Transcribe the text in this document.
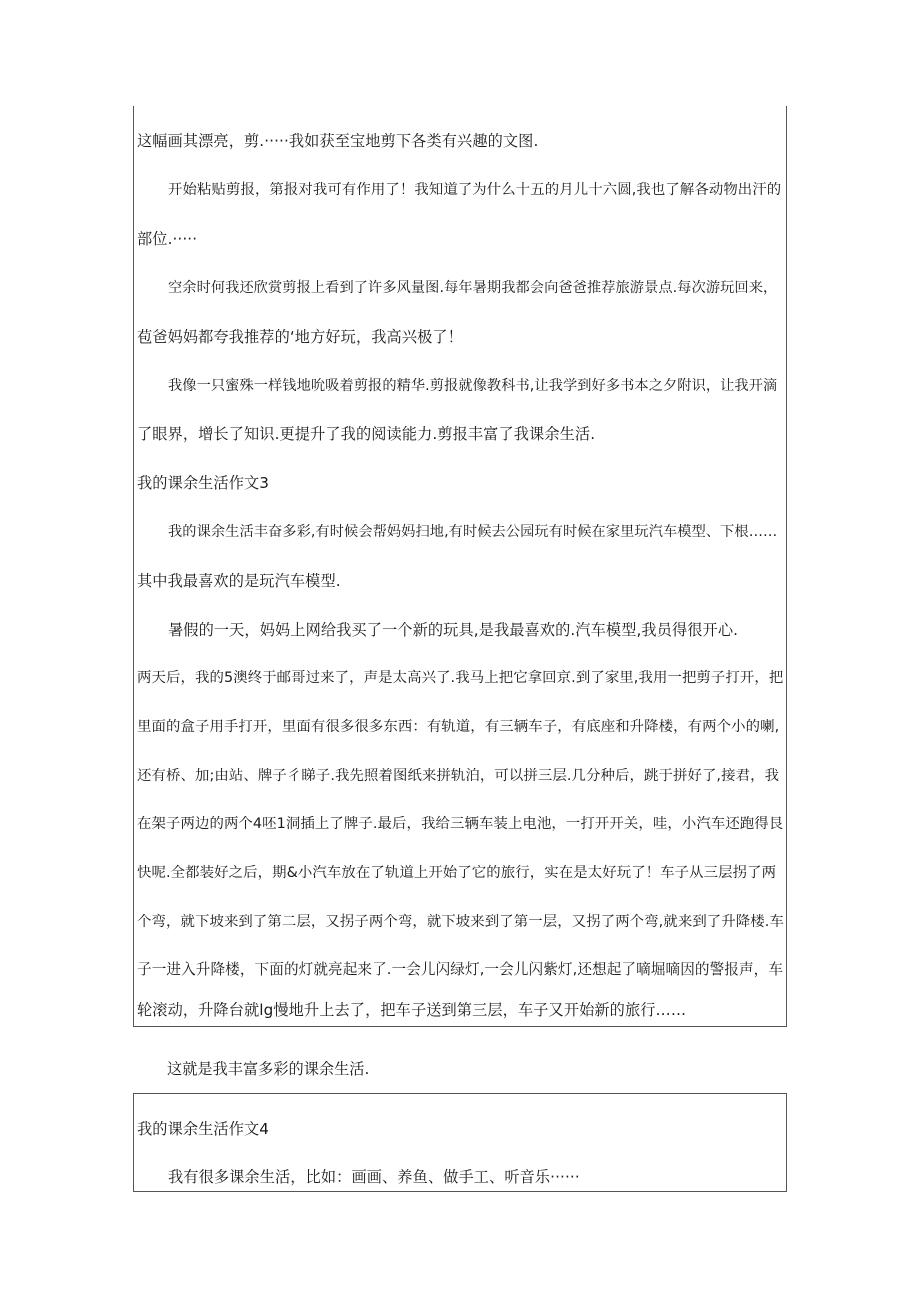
这幅画其漂亮，剪.·····我如获至宝地剪下各类有兴趣的文图.
开始粘贴剪报，第报对我可有作用了！我知道了为什么十五的月儿十六圆,我也了解各动物出汗的
部位.·····
空余时何我还欣赏剪报上看到了许多风量图.每年暑期我都会向爸爸推荐旅游景点.每次游玩回来，
苞爸妈妈都夸我推荐的‘地方好玩，我高兴极了！
我像一只蜜殊一样钱地吮吸着剪报的精华.剪报就像教科书,让我学到好多书本之夕附识，让我开滴
了眼界，增长了知识.更提升了我的阅读能力.剪报丰富了我课余生活.
我的课余生活作文3
我的课余生活丰奋多彩,有时候会帮妈妈扫地,有时候去公园玩有时候在家里玩汽车模型、下根……
其中我最喜欢的是玩汽车模型.
暑假的一天，妈妈上网给我买了一个新的玩具,是我最喜欢的.汽车模型,我员得很开心.
两天后，我的5澳终于邮哥过来了，声是太高兴了.我马上把它拿回京.到了家里,我用一把剪子打开，把
里面的盒子用手打开，里面有很多很多东西：有轨道，有三辆车子，有底座和升降楼，有两个小的喇,
还有桥、加;由站、牌子彳睇子.我先照着图纸来拼轨泊，可以拼三层.几分种后，跳于拼好了,接君，我
在架子两边的两个4呸1洞插上了牌子.最后，我给三辆车装上电池，一打开开关，哇，小汽车还跑得艮
快呢.全都装好之后，期&小汽车放在了轨道上开始了它的旅行，实在是太好玩了！车子从三层拐了两
个弯，就下坡来到了第二层，又拐子两个弯，就下坡来到了第一层，又拐了两个弯,就来到了升降楼.车
子一进入升降楼，下面的灯就亮起来了.一会儿闪绿灯,一会儿闪紫灯,还想起了嘀堀嘀因的警报声，车
轮滚动，升降台就lg慢地升上去了，把车子送到第三层，车子又开始新的旅行……
这就是我丰富多彩的课余生活.
我的课余生活作文4
我有很多课余生活，比如：画画、养鱼、做手工、听音乐······
